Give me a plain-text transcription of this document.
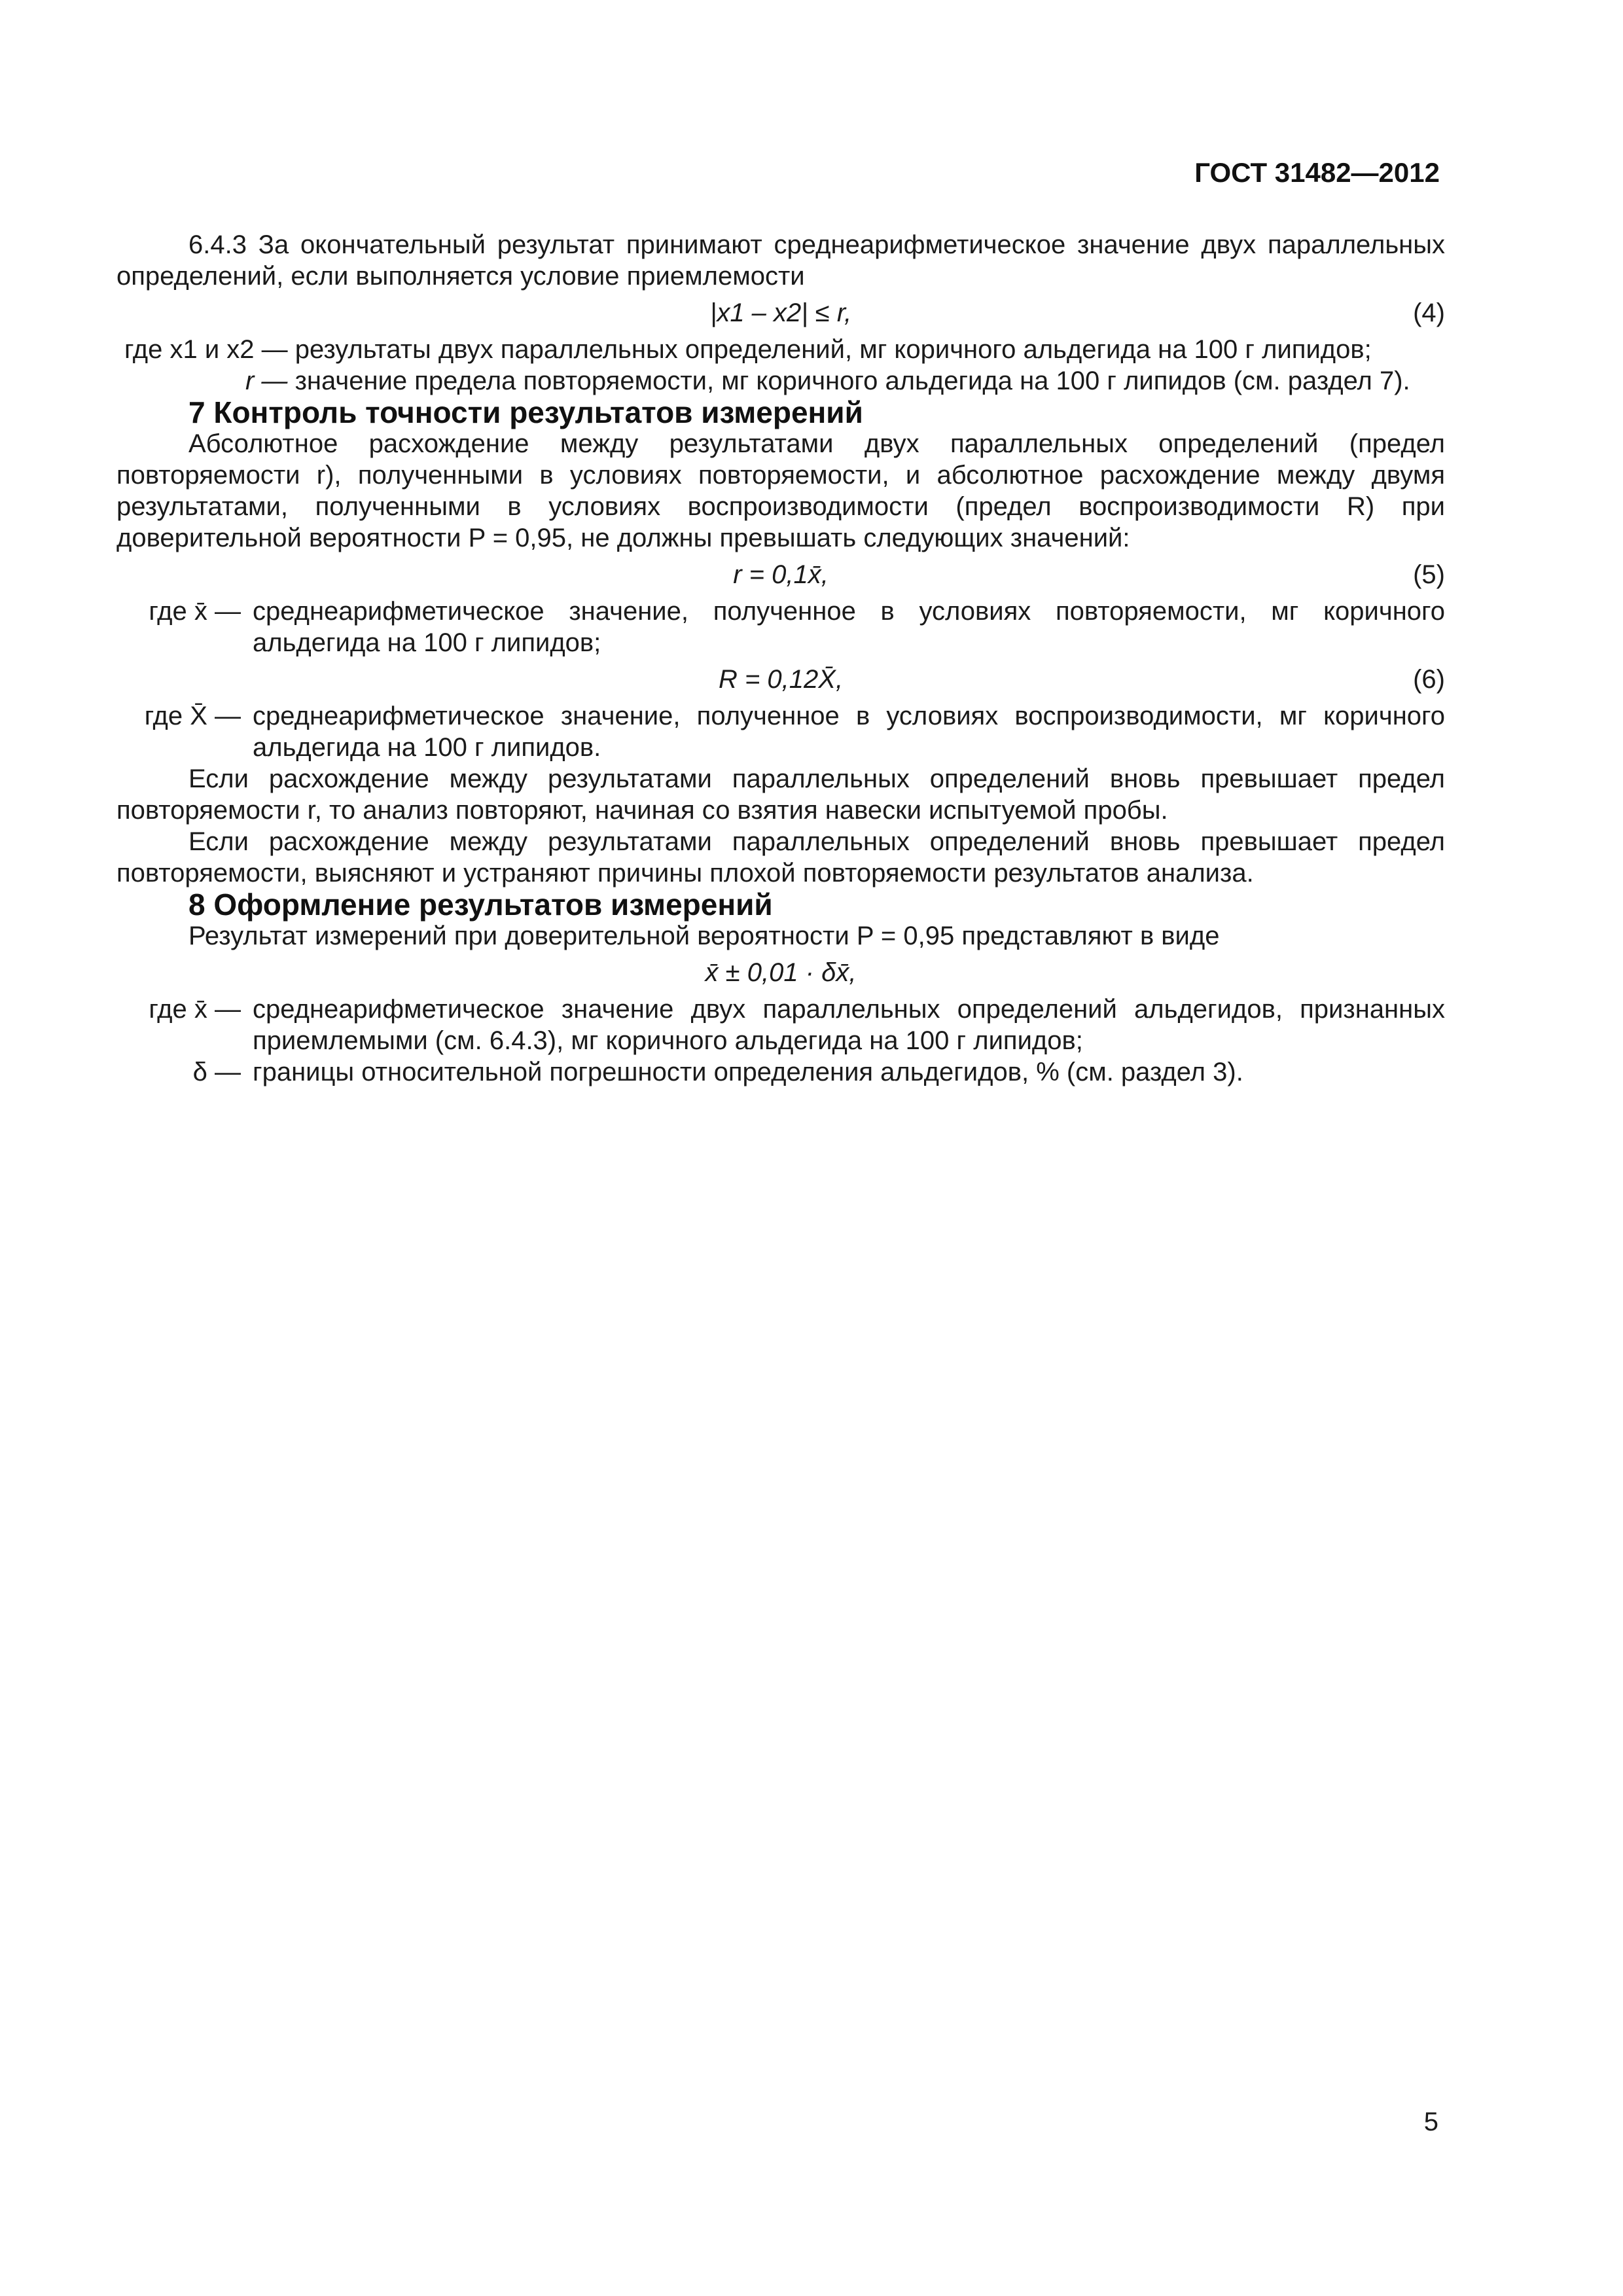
ГОСТ 31482—2012

6.4.3 За окончательный результат принимают среднеарифметическое значение двух параллельных определений, если выполняется условие приемлемости

|x1 – x2| ≤ r,	(4)
где x1 и x2 — результаты двух параллельных определений, мг коричного альдегида на 100 г липидов;
r — значение предела повторяемости, мг коричного альдегида на 100 г липидов (см. раздел 7).
7 Контроль точности результатов измерений

Абсолютное расхождение между результатами двух параллельных определений (предел повторяемости r), полученными в условиях повторяемости, и абсолютное расхождение между двумя результатами, полученными в условиях воспроизводимости (предел воспроизводимости R) при доверительной вероятности P = 0,95, не должны превышать следующих значений:

r = 0,1x̄,	(5)
где x̄ — среднеарифметическое значение, полученное в условиях повторяемости, мг коричного альдегида на 100 г липидов;
R = 0,12X̄,	(6)
где X̄ — среднеарифметическое значение, полученное в условиях воспроизводимости, мг коричного альдегида на 100 г липидов.

Если расхождение между результатами параллельных определений вновь превышает предел повторяемости r, то анализ повторяют, начиная со взятия навески испытуемой пробы.

Если расхождение между результатами параллельных определений вновь превышает предел повторяемости, выясняют и устраняют причины плохой повторяемости результатов анализа.

8 Оформление результатов измерений

Результат измерений при доверительной вероятности P = 0,95 представляют в виде

x̄ ± 0,01 · δx̄,
где x̄ — среднеарифметическое значение двух параллельных определений альдегидов, признанных приемлемыми (см. 6.4.3), мг коричного альдегида на 100 г липидов;
δ — границы относительной погрешности определения альдегидов, % (см. раздел 3).
5
